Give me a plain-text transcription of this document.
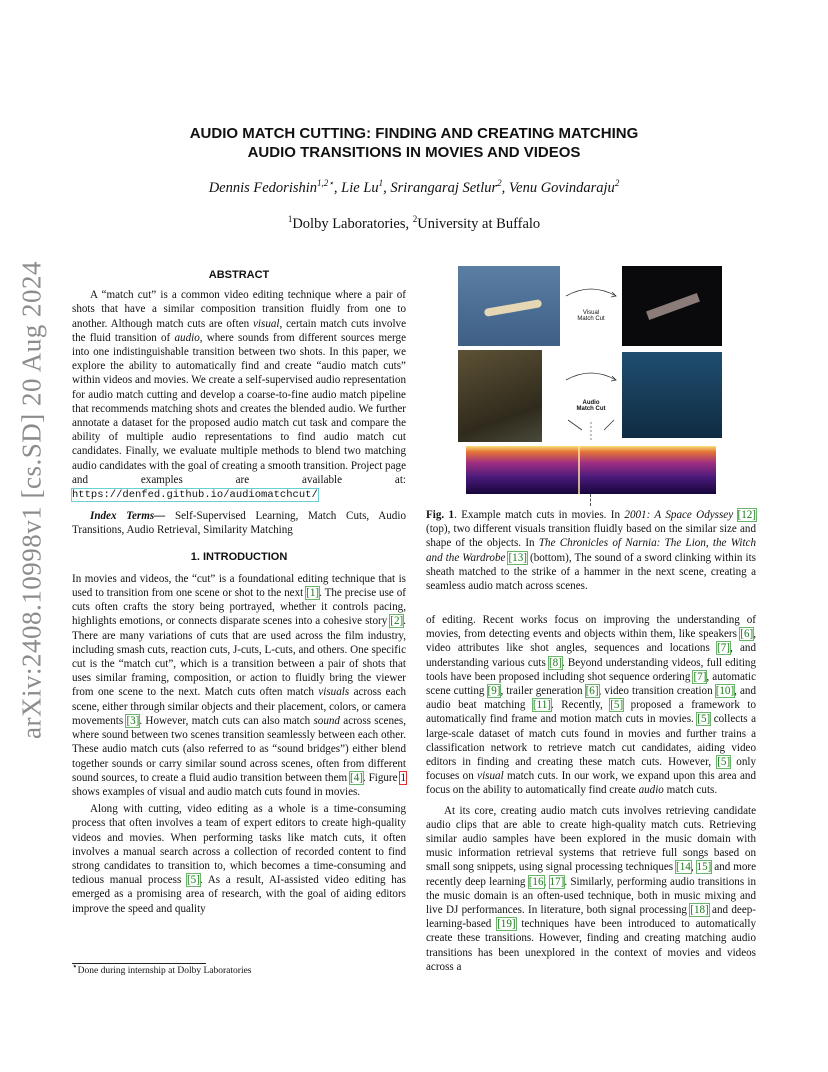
arXiv:2408.10998v1 [cs.SD] 20 Aug 2024
AUDIO MATCH CUTTING: FINDING AND CREATING MATCHING
AUDIO TRANSITIONS IN MOVIES AND VIDEOS
Dennis Fedorishin$^{1,2⋆}$, Lie Lu$^1$, Srirangaraj Setlur$^2$, Venu Govindaraju$^2$
$^1$Dolby Laboratories, $^2$University at Buffalo
ABSTRACT
A “match cut” is a common video editing technique where a pair of shots that have a similar composition transition fluidly from one to another. Although match cuts are often visual, certain match cuts involve the fluid transition of audio, where sounds from different sources merge into one indistinguishable transition between two shots. In this paper, we explore the ability to automatically find and create “audio match cuts” within videos and movies. We create a self-supervised audio representation for audio match cutting and develop a coarse-to-fine audio match pipeline that recommends matching shots and creates the blended audio. We further annotate a dataset for the proposed audio match cut task and compare the ability of multiple audio representations to find audio match cut candidates. Finally, we evaluate multiple methods to blend two matching audio candidates with the goal of creating a smooth transition. Project page and examples are available at: https://denfed.github.io/audiomatchcut/
Index Terms— Self-Supervised Learning, Match Cuts, Audio Transitions, Audio Retrieval, Similarity Matching
1. INTRODUCTION
In movies and videos, the “cut” is a foundational editing technique that is used to transition from one scene or shot to the next [1]. The precise use of cuts often crafts the story being portrayed, whether it controls pacing, highlights emotions, or connects disparate scenes into a cohesive story [2]. There are many variations of cuts that are used across the film industry, including smash cuts, reaction cuts, J-cuts, L-cuts, and others. One specific cut is the “match cut”, which is a transition between a pair of shots that uses similar framing, composition, or action to fluidly bring the viewer from one scene to the next. Match cuts often match visuals across each scene, either through similar objects and their placement, colors, or camera movements [3]. However, match cuts can also match sound across scenes, where sound between two scenes transition seamlessly between each other. These audio match cuts (also referred to as “sound bridges”) either blend together sounds or carry similar sound across scenes, often from different sound sources, to create a fluid audio transition between them [4]. Figure 1 shows examples of visual and audio match cuts found in movies.
Along with cutting, video editing as a whole is a time-consuming process that often involves a team of expert editors to create high-quality videos and movies. When performing tasks like match cuts, it often involves a manual search across a collection of recorded content to find strong candidates to transition to, which becomes a time-consuming and tedious manual process [5]. As a result, AI-assisted video editing has emerged as a promising area of research, with the goal of aiding editors improve the speed and quality
⋆Done during internship at Dolby Laboratories
Visual
Match Cut
Audio
Match Cut
Fig. 1. Example match cuts in movies. In 2001: A Space Odyssey [12] (top), two different visuals transition fluidly based on the similar size and shape of the objects. In The Chronicles of Narnia: The Lion, the Witch and the Wardrobe [13] (bottom), The sound of a sword clinking within its sheath matched to the strike of a hammer in the next scene, creating a seamless audio match across scenes.
of editing. Recent works focus on improving the understanding of movies, from detecting events and objects within them, like speakers [6], video attributes like shot angles, sequences and locations [7], and understanding various cuts [8]. Beyond understanding videos, full editing tools have been proposed including shot sequence ordering [7], automatic scene cutting [9], trailer generation [6], video transition creation [10], and audio beat matching [11]. Recently, [5] proposed a framework to automatically find frame and motion match cuts in movies. [5] collects a large-scale dataset of match cuts found in movies and further trains a classification network to retrieve match cut candidates, aiding video editors in finding and creating these match cuts. However, [5] only focuses on visual match cuts. In our work, we expand upon this area and focus on the ability to automatically find create audio match cuts.
At its core, creating audio match cuts involves retrieving candidate audio clips that are able to create high-quality match cuts. Retrieving similar audio samples have been explored in the music domain with music information retrieval systems that retrieve full songs based on small song snippets, using signal processing techniques [14, 15] and more recently deep learning [16, 17]. Similarly, performing audio transitions in the music domain is an often-used technique, both in music mixing and live DJ performances. In literature, both signal processing [18] and deep-learning-based [19] techniques have been introduced to automatically create these transitions. However, finding and creating matching audio transitions has been unexplored in the context of movies and videos across a
